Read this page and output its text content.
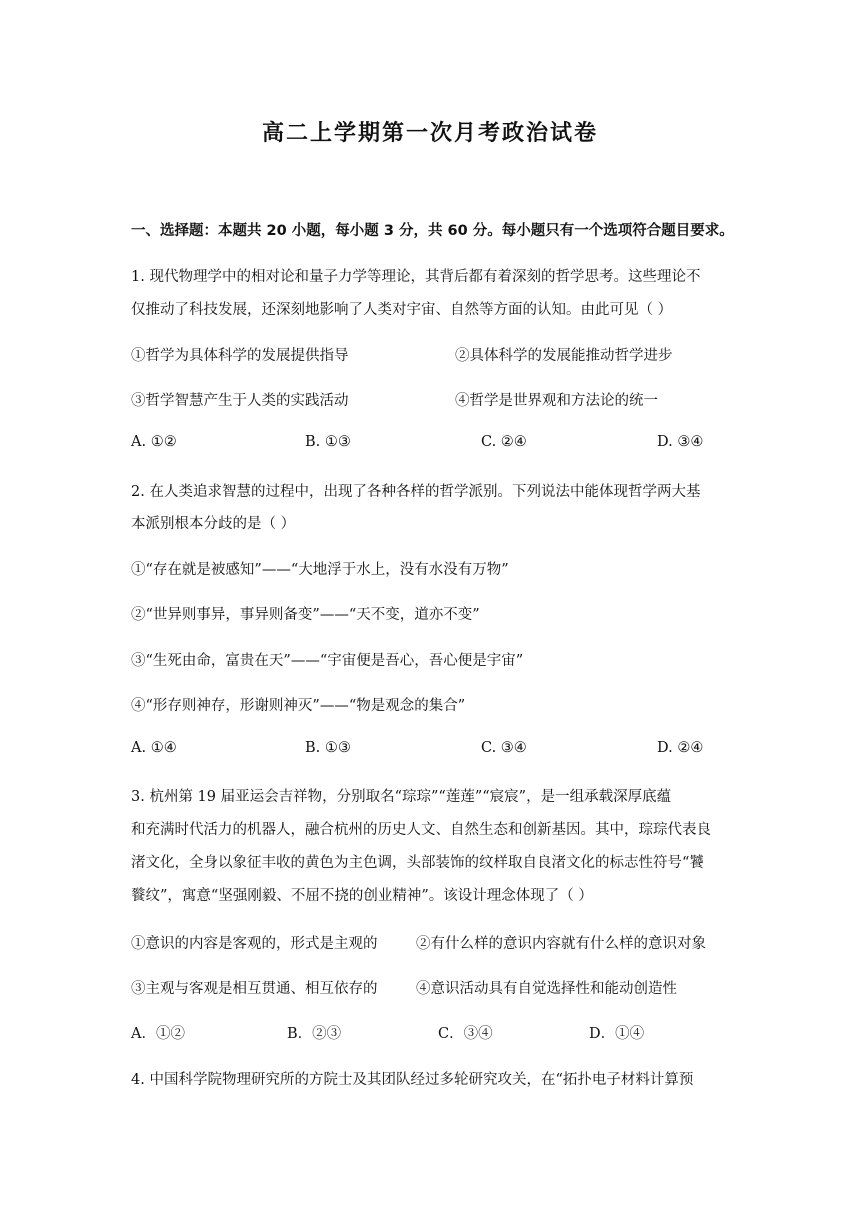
高二上学期第一次月考政治试卷
一、选择题：本题共 20 小题，每小题 3 分，共 60 分。每小题只有一个选项符合题目要求。
1. 现代物理学中的相对论和量子力学等理论，其背后都有着深刻的哲学思考。这些理论不
仅推动了科技发展，还深刻地影响了人类对宇宙、自然等方面的认知。由此可见（ ）
①哲学为具体科学的发展提供指导	②具体科学的发展能推动哲学进步
③哲学智慧产生于人类的实践活动	④哲学是世界观和方法论的统一
A. ①②	B. ①③	C. ②④	D. ③④
2. 在人类追求智慧的过程中，出现了各种各样的哲学派别。下列说法中能体现哲学两大基
本派别根本分歧的是（ ）
①“存在就是被感知”——“大地浮于水上，没有水没有万物”
②“世异则事异，事异则备变”——“天不变，道亦不变”
③“生死由命，富贵在天”——“宇宙便是吾心，吾心便是宇宙”
④“形存则神存，形谢则神灭”——“物是观念的集合”
A. ①④	B. ①③	C. ③④	D. ②④
3. 杭州第 19 届亚运会吉祥物，分别取名“琮琮”“莲莲”“宸宸”，是一组承载深厚底蕴
和充满时代活力的机器人，融合杭州的历史人文、自然生态和创新基因。其中，琮琮代表良
渚文化，全身以象征丰收的黄色为主色调，头部装饰的纹样取自良渚文化的标志性符号“饕
餮纹”，寓意“坚强刚毅、不屈不挠的创业精神”。该设计理念体现了（ ）
①意识的内容是客观的，形式是主观的	②有什么样的意识内容就有什么样的意识对象
③主观与客观是相互贯通、相互依存的	④意识活动具有自觉选择性和能动创造性
A．①②	B．②③	C．③④	D．①④
4. 中国科学院物理研究所的方院士及其团队经过多轮研究攻关，在“拓扑电子材料计算预
